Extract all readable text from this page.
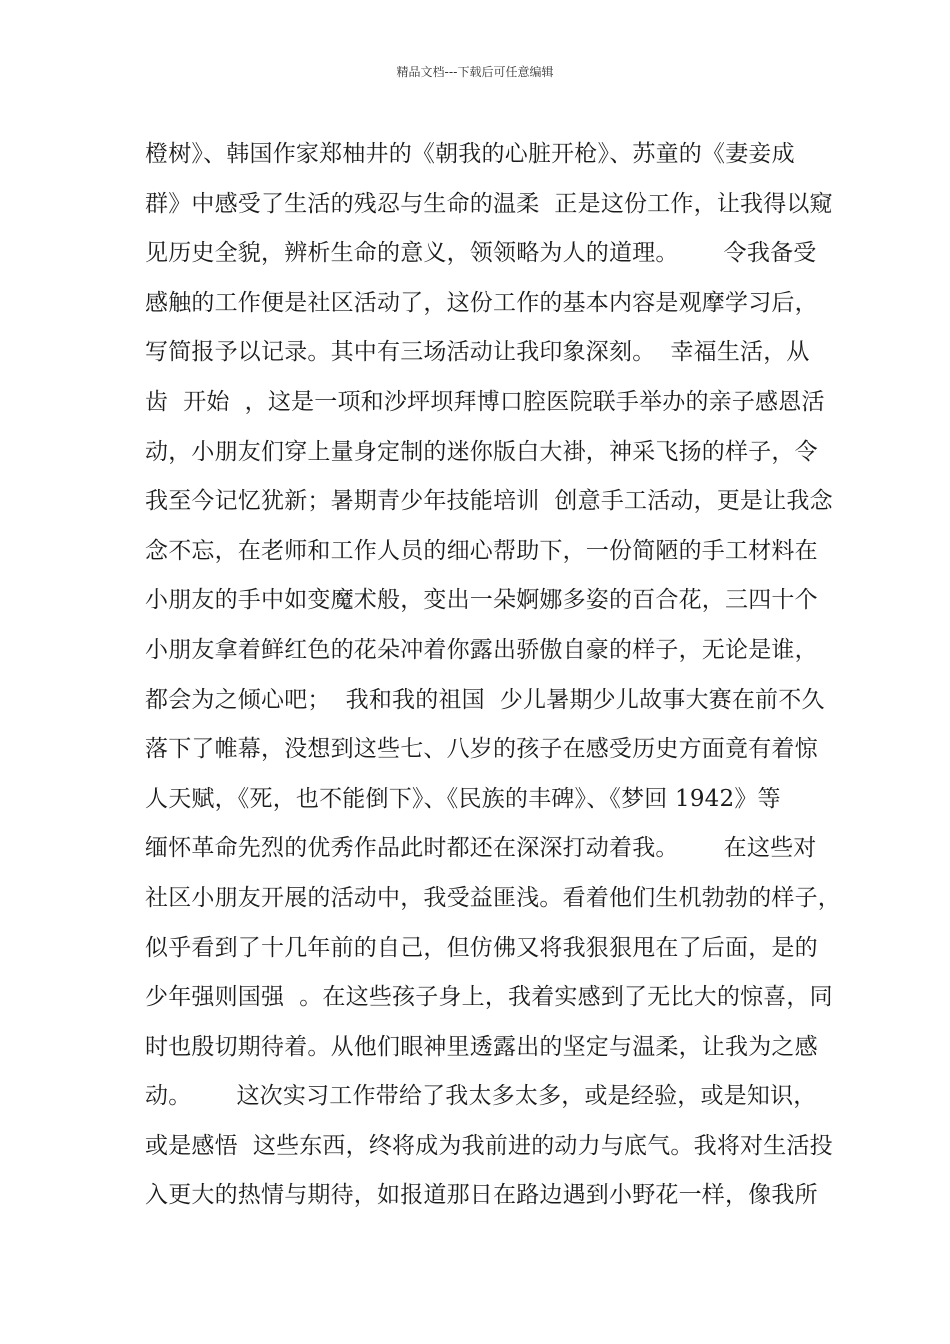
精品文档---下载后可任意编辑
橙树》、韩国作家郑柚井的《朝我的心脏开枪》、苏童的《妻妾成
群》中感受了生活的残忍与生命的温柔  正是这份工作，让我得以窥
见历史全貌，辨析生命的意义，领领略为人的道理。      令我备受
感触的工作便是社区活动了，这份工作的基本内容是观摩学习后，
写简报予以记录。其中有三场活动让我印象深刻。  幸福生活，从
齿  开始  ，这是一项和沙坪坝拜博口腔医院联手举办的亲子感恩活
动，小朋友们穿上量身定制的迷你版白大褂，神采飞扬的样子，令
我至今记忆犹新；暑期青少年技能培训  创意手工活动，更是让我念
念不忘，在老师和工作人员的细心帮助下，一份简陋的手工材料在
小朋友的手中如变魔术般，变出一朵婀娜多姿的百合花，三四十个
小朋友拿着鲜红色的花朵冲着你露出骄傲自豪的样子，无论是谁，
都会为之倾心吧；  我和我的祖国  少儿暑期少儿故事大赛在前不久
落下了帷幕，没想到这些七、八岁的孩子在感受历史方面竟有着惊
人天赋，《死，也不能倒下》、《民族的丰碑》、《梦回 1942》等
缅怀革命先烈的优秀作品此时都还在深深打动着我。      在这些对
社区小朋友开展的活动中，我受益匪浅。看着他们生机勃勃的样子，
似乎看到了十几年前的自己，但仿佛又将我狠狠甩在了后面，是的
少年强则国强  。在这些孩子身上，我着实感到了无比大的惊喜，同
时也殷切期待着。从他们眼神里透露出的坚定与温柔，让我为之感
动。      这次实习工作带给了我太多太多，或是经验，或是知识，
或是感悟  这些东西，终将成为我前进的动力与底气。我将对生活投
入更大的热情与期待，如报道那日在路边遇到小野花一样，像我所
